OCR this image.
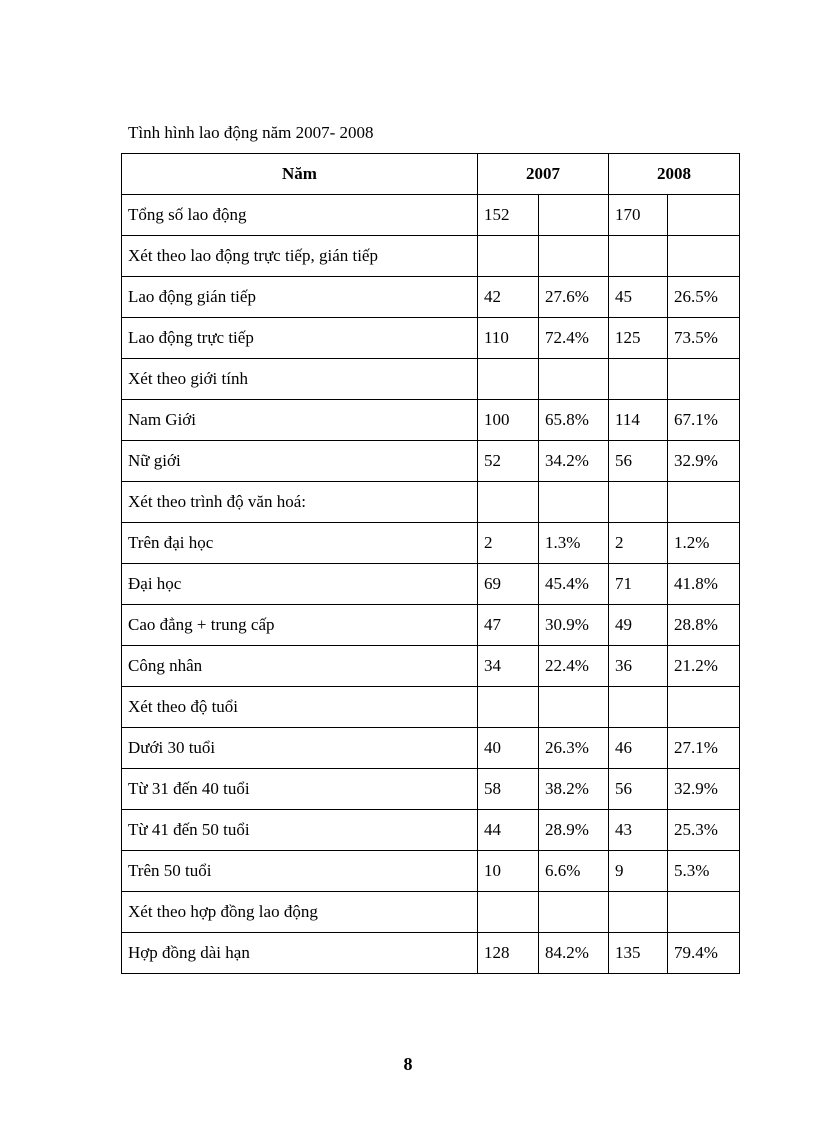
Tình hình lao động năm 2007- 2008
Năm	2007		2008	
Tổng số lao động	152		170	
Xét theo lao động trực tiếp, gián tiếp				
Lao động gián tiếp	42	27.6%	45	26.5%
Lao động trực tiếp	110	72.4%	125	73.5%
Xét theo giới tính				
Nam Giới	100	65.8%	114	67.1%
Nữ giới	52	34.2%	56	32.9%
Xét theo trình độ văn hoá:				
Trên đại học	2	1.3%	2	1.2%
Đại học	69	45.4%	71	41.8%
Cao đẳng + trung cấp	47	30.9%	49	28.8%
Công nhân	34	22.4%	36	21.2%
Xét theo độ tuổi				
Dưới 30 tuổi	40	26.3%	46	27.1%
Từ 31 đến 40 tuổi	58	38.2%	56	32.9%
Từ 41 đến 50 tuổi	44	28.9%	43	25.3%
Trên 50 tuổi	10	6.6%	9	5.3%
Xét theo hợp đồng lao động				
Hợp đồng dài hạn	128	84.2%	135	79.4%
8
